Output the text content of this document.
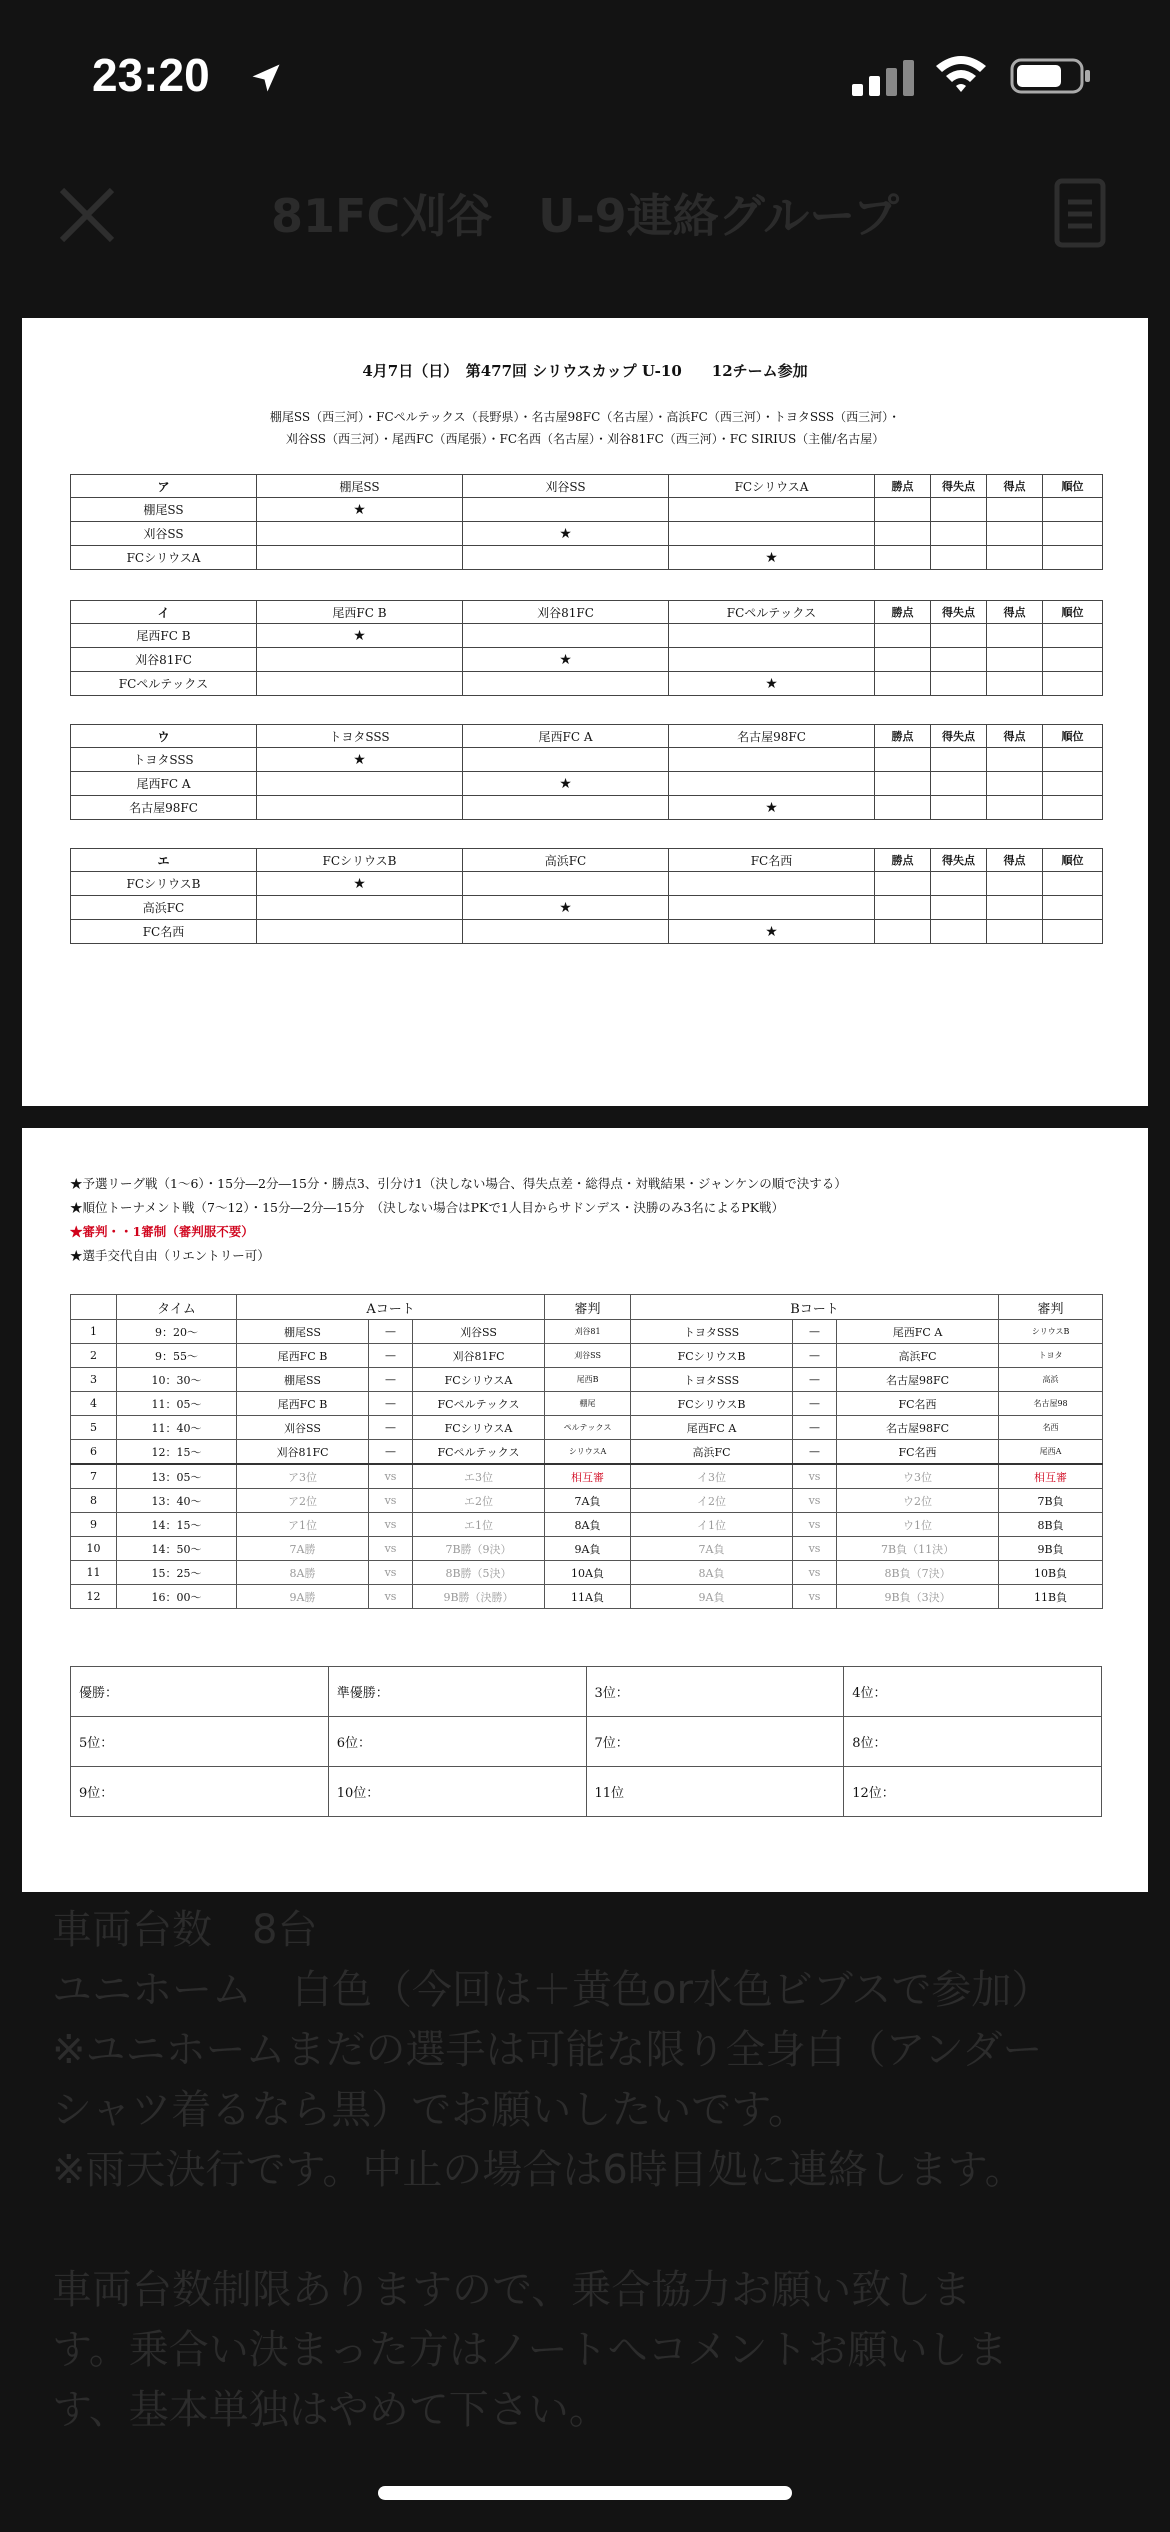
23:20
81FC刈谷　U-9連絡グループ
4月7日（日）　第477回 シリウスカップ U-10　　12チーム参加
棚尾SS（西三河）・FCペルテックス（長野県）・名古屋98FC（名古屋）・高浜FC（西三河）・トヨタSSS（西三河）・
刈谷SS（西三河）・尾西FC（西尾張）・FC名西（名古屋）・刈谷81FC（西三河）・FC SIRIUS（主催/名古屋）
ア	棚尾SS	刈谷SS	FCシリウスA	勝点	得失点	得点	順位
棚尾SS	★						
刈谷SS		★					
FCシリウスA			★				
イ	尾西FC B	刈谷81FC	FCペルテックス	勝点	得失点	得点	順位
尾西FC B	★						
刈谷81FC		★					
FCペルテックス			★				
ウ	トヨタSSS	尾西FC A	名古屋98FC	勝点	得失点	得点	順位
トヨタSSS	★						
尾西FC A		★					
名古屋98FC			★				
エ	FCシリウスB	高浜FC	FC名西	勝点	得失点	得点	順位
FCシリウスB	★						
高浜FC		★					
FC名西			★				
★予選リーグ戦（1〜6）・15分―2分―15分・勝点3、引分け1（決しない場合、得失点差・総得点・対戦結果・ジャンケンの順で決する）
★順位トーナメント戦（7〜12）・15分―2分―15分　（決しない場合はPKで1人目からサドンデス・決勝のみ3名によるPK戦）
★審判・・1審制（審判服不要）
★選手交代自由（リエントリー可）
	タイム	Aコート			審判	Bコート			審判
1	9：20〜	棚尾SS	—	刈谷SS	刈谷81	トヨタSSS	—	尾西FC A	シリウスB
2	9：55〜	尾西FC B	—	刈谷81FC	刈谷SS	FCシリウスB	—	高浜FC	トヨタ
3	10：30〜	棚尾SS	—	FCシリウスA	尾西B	トヨタSSS	—	名古屋98FC	高浜
4	11：05〜	尾西FC B	—	FCペルテックス	棚尾	FCシリウスB	—	FC名西	名古屋98
5	11：40〜	刈谷SS	—	FCシリウスA	ペルテックス	尾西FC A	—	名古屋98FC	名西
6	12：15〜	刈谷81FC	—	FCペルテックス	シリウスA	高浜FC	—	FC名西	尾西A
7	13：05〜	ア3位	vs	エ3位	相互審	イ3位	vs	ウ3位	相互審
8	13：40〜	ア2位	vs	エ2位	7A負	イ2位	vs	ウ2位	7B負
9	14：15〜	ア1位	vs	エ1位	8A負	イ1位	vs	ウ1位	8B負
10	14：50〜	7A勝	vs	7B勝（9決）	9A負	7A負	vs	7B負（11決）	9B負
11	15：25〜	8A勝	vs	8B勝（5決）	10A負	8A負	vs	8B負（7決）	10B負
12	16：00〜	9A勝	vs	9B勝（決勝）	11A負	9A負	vs	9B負（3決）	11B負
優勝：	準優勝：	3位：	4位：
5位：	6位：	7位：	8位：
9位：	10位：	11位	12位：
車両台数　8台
ユニホーム　白色（今回は＋黄色or水色ビブスで参加）
※ユニホームまだの選手は可能な限り全身白（アンダー
シャツ着るなら黒）でお願いしたいです。
※雨天決行です。中止の場合は6時目処に連絡します。
車両台数制限ありますので、乗合協力お願い致しま
す。乗合い決まった方はノートへコメントお願いしま
す、基本単独はやめて下さい。
